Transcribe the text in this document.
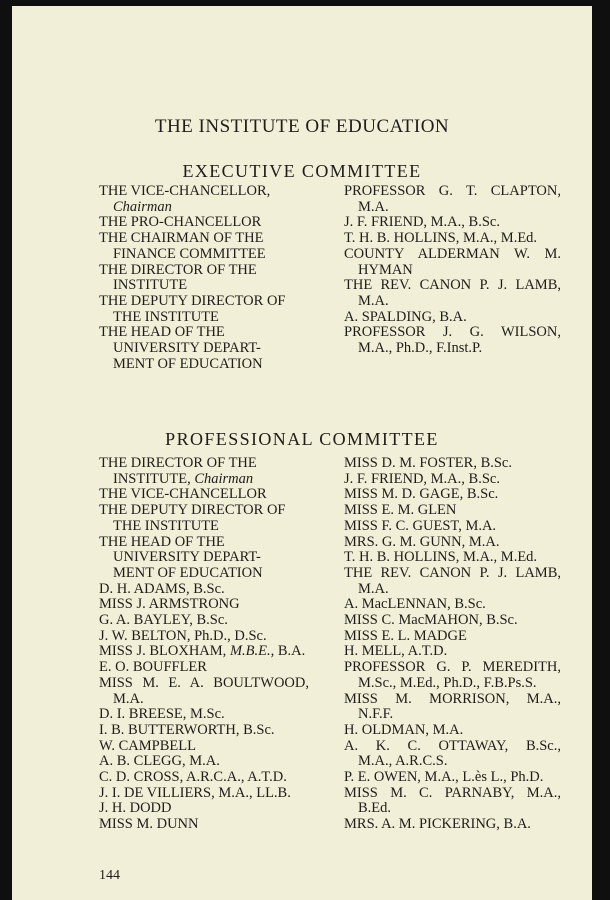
THE INSTITUTE OF EDUCATION
EXECUTIVE COMMITTEE
THE VICE-CHANCELLOR,
Chairman
THE PRO-CHANCELLOR
THE CHAIRMAN OF THE
FINANCE COMMITTEE
THE DIRECTOR OF THE
INSTITUTE
THE DEPUTY DIRECTOR OF
THE INSTITUTE
THE HEAD OF THE
UNIVERSITY DEPART-
MENT OF EDUCATION
PROFESSOR G. T. CLAPTON,
M.A.
J. F. FRIEND, M.A., B.Sc.
T. H. B. HOLLINS, M.A., M.Ed.
COUNTY ALDERMAN W. M.
HYMAN
THE REV. CANON P. J. LAMB,
M.A.
A. SPALDING, B.A.
PROFESSOR J. G. WILSON,
M.A., Ph.D., F.Inst.P.
PROFESSIONAL COMMITTEE
THE DIRECTOR OF THE
INSTITUTE, Chairman
THE VICE-CHANCELLOR
THE DEPUTY DIRECTOR OF
THE INSTITUTE
THE HEAD OF THE
UNIVERSITY DEPART-
MENT OF EDUCATION
D. H. ADAMS, B.Sc.
MISS J. ARMSTRONG
G. A. BAYLEY, B.Sc.
J. W. BELTON, Ph.D., D.Sc.
MISS J. BLOXHAM, M.B.E., B.A.
E. O. BOUFFLER
MISS M. E. A. BOULTWOOD,
M.A.
D. I. BREESE, M.Sc.
I. B. BUTTERWORTH, B.Sc.
W. CAMPBELL
A. B. CLEGG, M.A.
C. D. CROSS, A.R.C.A., A.T.D.
J. I. DE VILLIERS, M.A., LL.B.
J. H. DODD
MISS M. DUNN
MISS D. M. FOSTER, B.Sc.
J. F. FRIEND, M.A., B.Sc.
MISS M. D. GAGE, B.Sc.
MISS E. M. GLEN
MISS F. C. GUEST, M.A.
MRS. G. M. GUNN, M.A.
T. H. B. HOLLINS, M.A., M.Ed.
THE REV. CANON P. J. LAMB,
M.A.
A. MacLENNAN, B.Sc.
MISS C. MacMAHON, B.Sc.
MISS E. L. MADGE
H. MELL, A.T.D.
PROFESSOR G. P. MEREDITH,
M.Sc., M.Ed., Ph.D., F.B.Ps.S.
MISS M. MORRISON, M.A.,
N.F.F.
H. OLDMAN, M.A.
A. K. C. OTTAWAY, B.Sc.,
M.A., A.R.C.S.
P. E. OWEN, M.A., L.ès L., Ph.D.
MISS M. C. PARNABY, M.A.,
B.Ed.
MRS. A. M. PICKERING, B.A.
144
